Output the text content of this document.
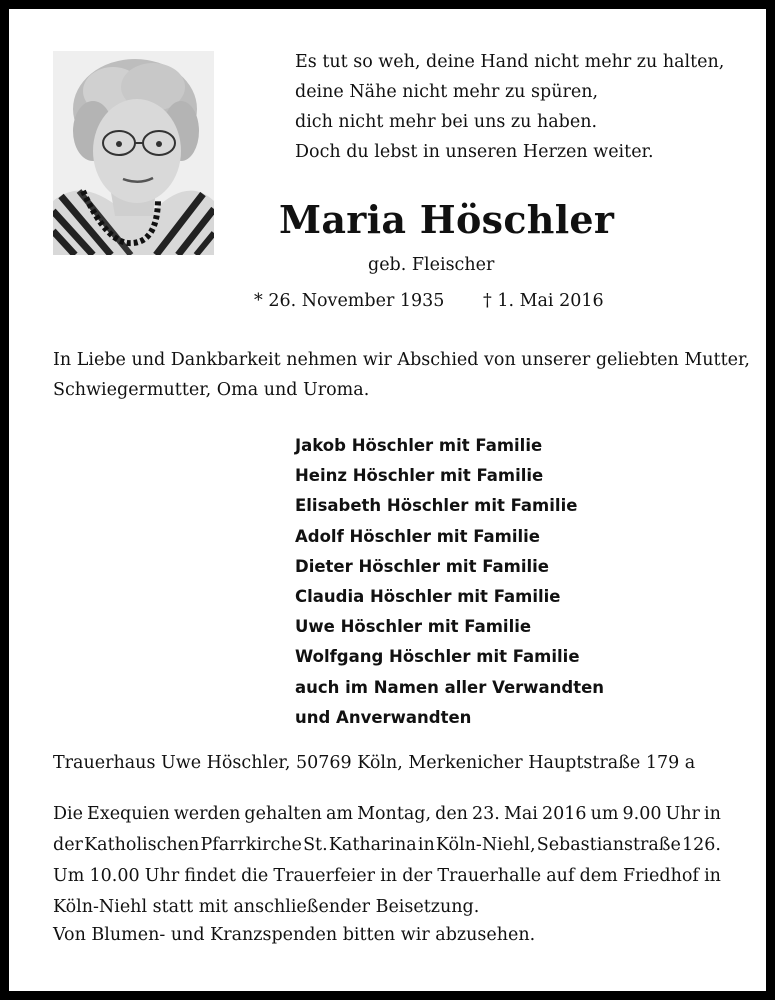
Es tut so weh, deine Hand nicht mehr zu halten,
deine Nähe nicht mehr zu spüren,
dich nicht mehr bei uns zu haben.
Doch du lebst in unseren Herzen weiter.
Maria Höschler
geb. Fleischer
* 26. November 1935 † 1. Mai 2016
In Liebe und Dankbarkeit nehmen wir Abschied von unserer geliebten Mutter,
Schwiegermutter, Oma und Uroma.
Jakob Höschler mit Familie
Heinz Höschler mit Familie
Elisabeth Höschler mit Familie
Adolf Höschler mit Familie
Dieter Höschler mit Familie
Claudia Höschler mit Familie
Uwe Höschler mit Familie
Wolfgang Höschler mit Familie
auch im Namen aller Verwandten
und Anverwandten
Trauerhaus Uwe Höschler, 50769 Köln, Merkenicher Hauptstraße 179 a
Die Exequien werden gehalten am Montag, den 23. Mai 2016 um 9.00 Uhr in
der Katholischen Pfarrkirche St. Katharina in Köln-Niehl, Sebastianstraße 126.
Um 10.00 Uhr findet die Trauerfeier in der Trauerhalle auf dem Friedhof in
Köln-Niehl statt mit anschließender Beisetzung.
Von Blumen- und Kranzspenden bitten wir abzusehen.
